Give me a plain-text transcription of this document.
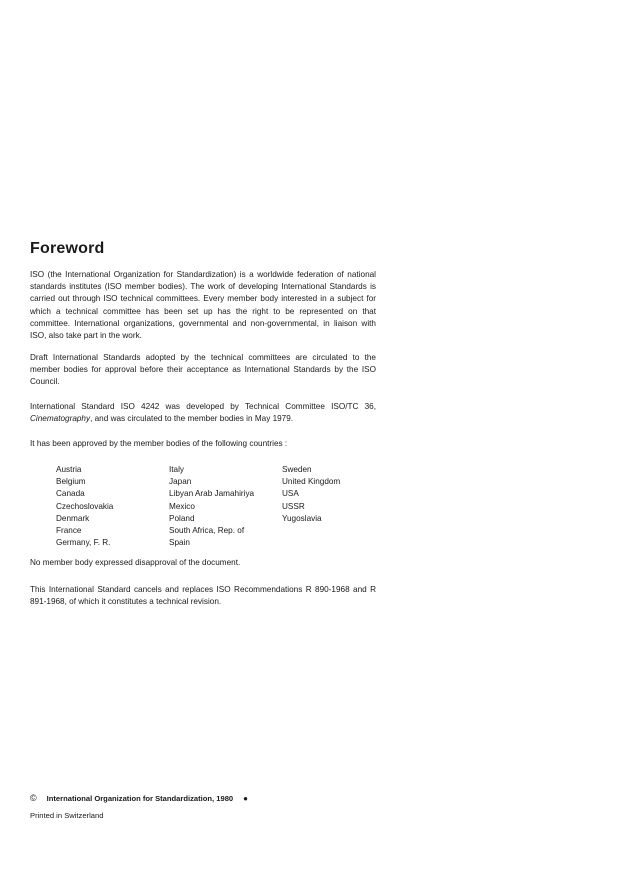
Foreword
ISO (the International Organization for Standardization) is a worldwide federation of national standards institutes (ISO member bodies). The work of developing International Standards is carried out through ISO technical committees. Every member body interested in a subject for which a technical committee has been set up has the right to be represented on that committee. International organizations, governmental and non-governmental, in liaison with ISO, also take part in the work.
Draft International Standards adopted by the technical committees are circulated to the member bodies for approval before their acceptance as International Standards by the ISO Council.
International Standard ISO 4242 was developed by Technical Committee ISO/TC 36, Cinematography, and was circulated to the member bodies in May 1979.
It has been approved by the member bodies of the following countries :
Austria
Belgium
Canada
Czechoslovakia
Denmark
France
Germany, F. R.
Italy
Japan
Libyan Arab Jamahiriya
Mexico
Poland
South Africa, Rep. of
Spain
Sweden
United Kingdom
USA
USSR
Yugoslavia
No member body expressed disapproval of the document.
This International Standard cancels and replaces ISO Recommendations R 890-1968 and R 891-1968, of which it constitutes a technical revision.
© International Organization for Standardization, 1980 ●
Printed in Switzerland
